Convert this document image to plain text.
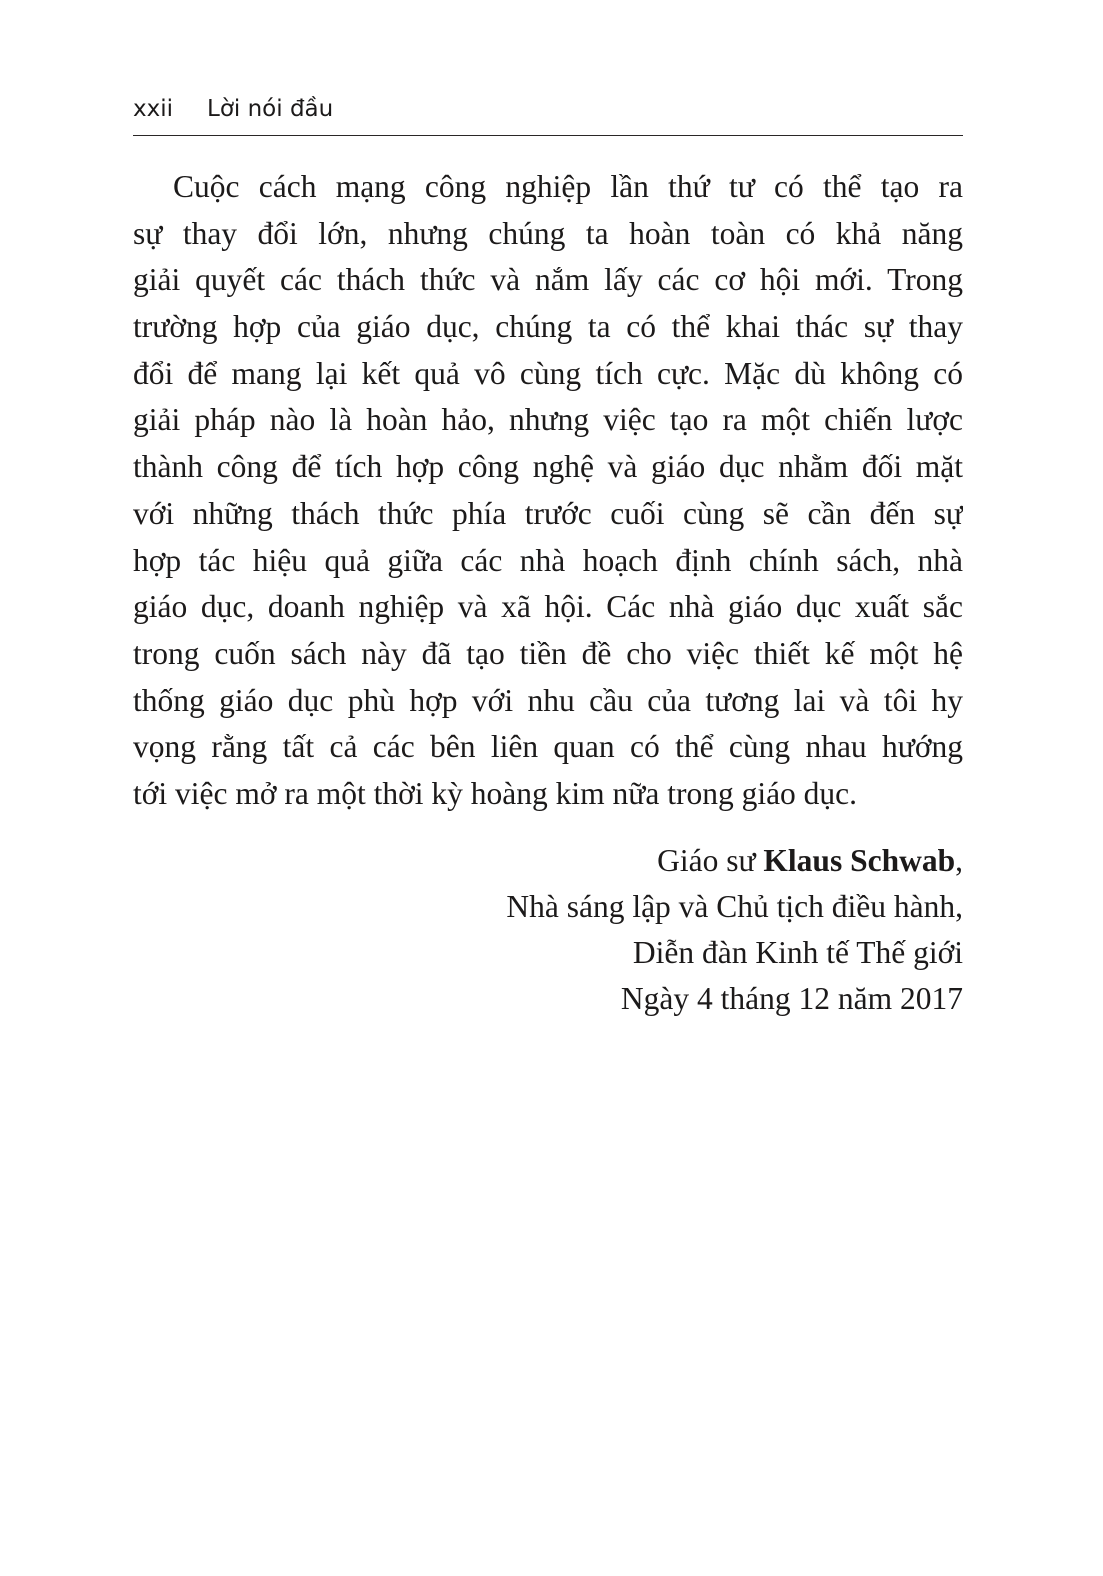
xxii Lời nói đầu
Cuộc cách mạng công nghiệp lần thứ tư có thể tạo ra
sự thay đổi lớn, nhưng chúng ta hoàn toàn có khả năng
giải quyết các thách thức và nắm lấy các cơ hội mới. Trong
trường hợp của giáo dục, chúng ta có thể khai thác sự thay
đổi để mang lại kết quả vô cùng tích cực. Mặc dù không có
giải pháp nào là hoàn hảo, nhưng việc tạo ra một chiến lược
thành công để tích hợp công nghệ và giáo dục nhằm đối mặt
với những thách thức phía trước cuối cùng sẽ cần đến sự
hợp tác hiệu quả giữa các nhà hoạch định chính sách, nhà
giáo dục, doanh nghiệp và xã hội. Các nhà giáo dục xuất sắc
trong cuốn sách này đã tạo tiền đề cho việc thiết kế một hệ
thống giáo dục phù hợp với nhu cầu của tương lai và tôi hy
vọng rằng tất cả các bên liên quan có thể cùng nhau hướng
tới việc mở ra một thời kỳ hoàng kim nữa trong giáo dục.
Giáo sư Klaus Schwab,
Nhà sáng lập và Chủ tịch điều hành,
Diễn đàn Kinh tế Thế giới
Ngày 4 tháng 12 năm 2017
